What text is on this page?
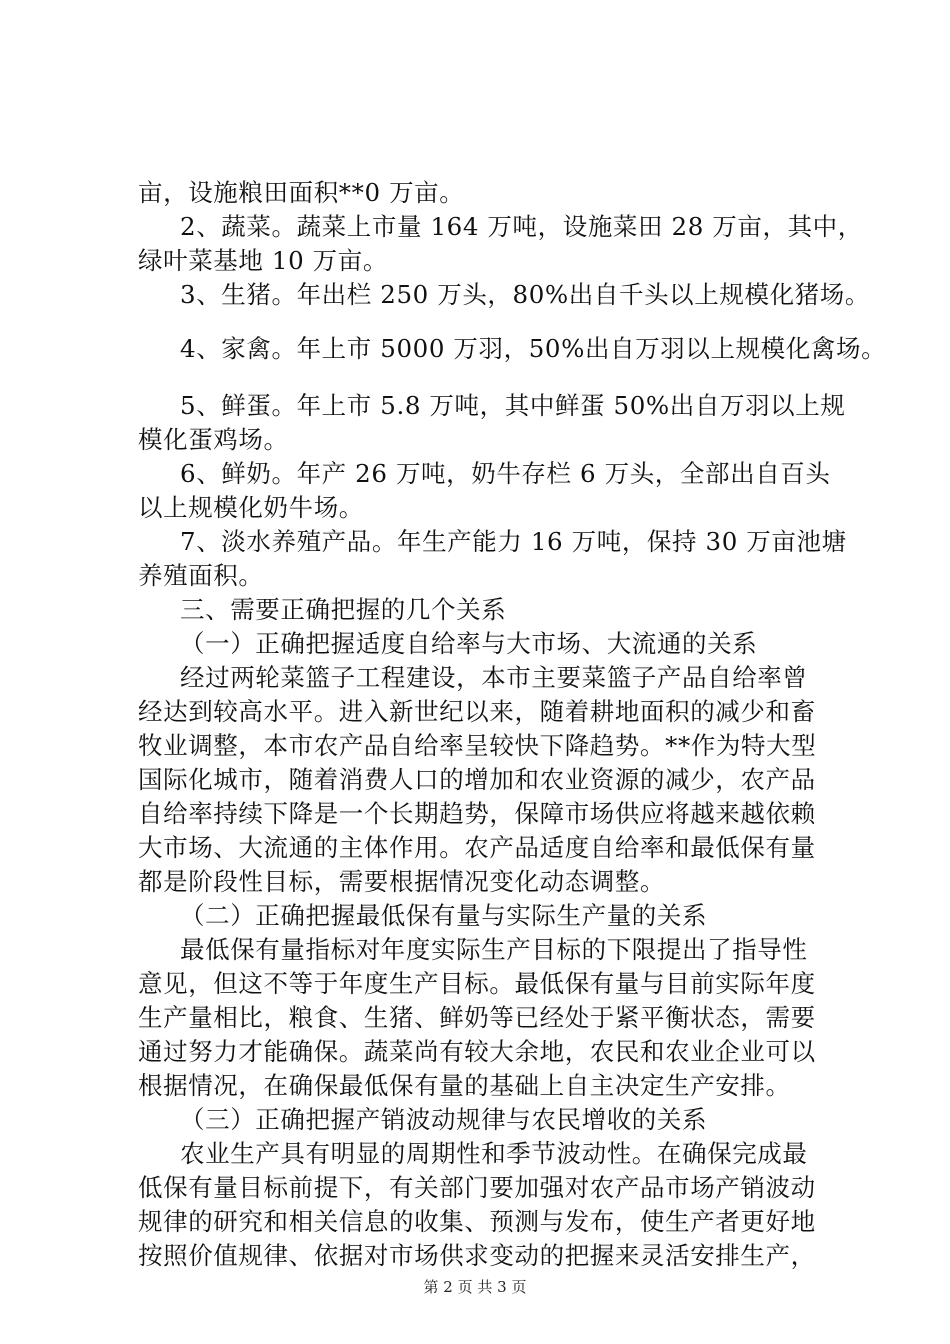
亩，设施粮田面积**0 万亩。
2、蔬菜。蔬菜上市量 164 万吨，设施菜田 28 万亩，其中，
绿叶菜基地 10 万亩。
3、生猪。年出栏 250 万头，80%出自千头以上规模化猪场。
4、家禽。年上市 5000 万羽，50%出自万羽以上规模化禽场。
5、鲜蛋。年上市 5.8 万吨，其中鲜蛋 50%出自万羽以上规
模化蛋鸡场。
6、鲜奶。年产 26 万吨，奶牛存栏 6 万头，全部出自百头
以上规模化奶牛场。
7、淡水养殖产品。年生产能力 16 万吨，保持 30 万亩池塘
养殖面积。
三、需要正确把握的几个关系
（一）正确把握适度自给率与大市场、大流通的关系
经过两轮菜篮子工程建设，本市主要菜篮子产品自给率曾
经达到较高水平。进入新世纪以来，随着耕地面积的减少和畜
牧业调整，本市农产品自给率呈较快下降趋势。**作为特大型
国际化城市，随着消费人口的增加和农业资源的减少，农产品
自给率持续下降是一个长期趋势，保障市场供应将越来越依赖
大市场、大流通的主体作用。农产品适度自给率和最低保有量
都是阶段性目标，需要根据情况变化动态调整。
（二）正确把握最低保有量与实际生产量的关系
最低保有量指标对年度实际生产目标的下限提出了指导性
意见，但这不等于年度生产目标。最低保有量与目前实际年度
生产量相比，粮食、生猪、鲜奶等已经处于紧平衡状态，需要
通过努力才能确保。蔬菜尚有较大余地，农民和农业企业可以
根据情况，在确保最低保有量的基础上自主决定生产安排。
（三）正确把握产销波动规律与农民增收的关系
农业生产具有明显的周期性和季节波动性。在确保完成最
低保有量目标前提下，有关部门要加强对农产品市场产销波动
规律的研究和相关信息的收集、预测与发布，使生产者更好地
按照价值规律、依据对市场供求变动的把握来灵活安排生产，
第 2 页 共 3 页
